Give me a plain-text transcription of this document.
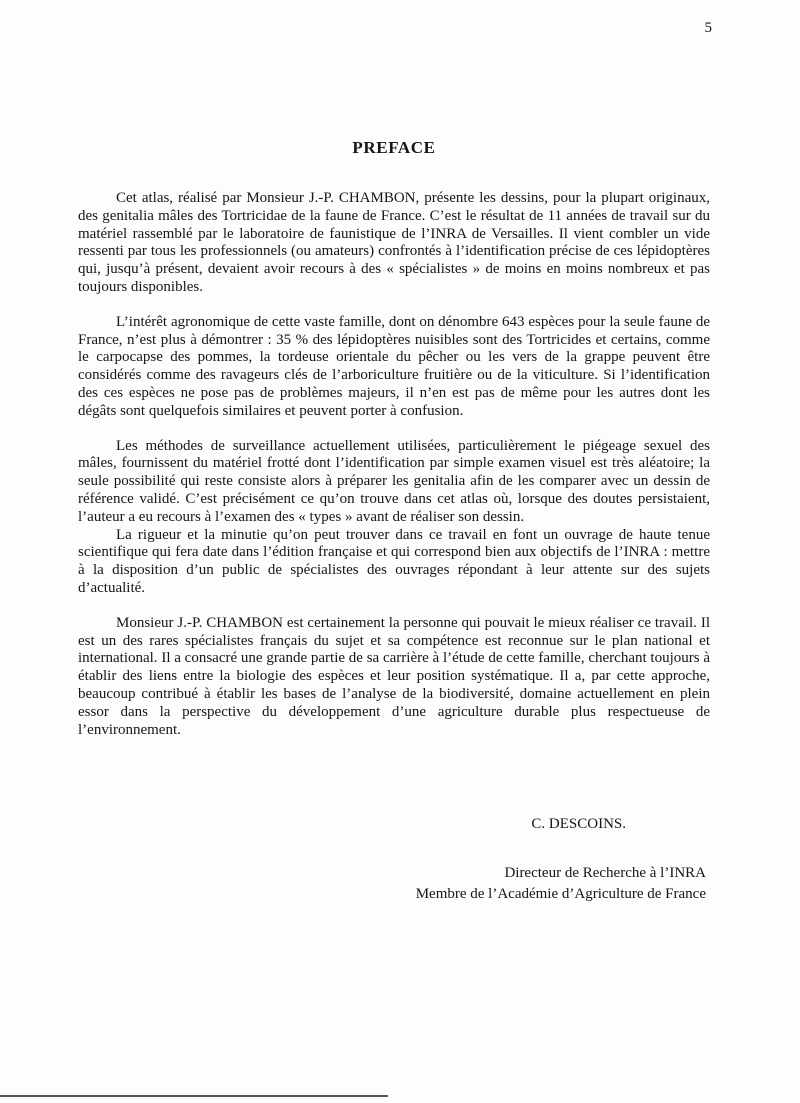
5
PREFACE

Cet atlas, réalisé par Monsieur J.-P. CHAMBON, présente les dessins, pour la plupart originaux, des genitalia mâles des Tortricidae de la faune de France. C’est le résultat de 11 années de travail sur du matériel rassemblé par le laboratoire de faunistique de l’INRA de Versailles. Il vient combler un vide ressenti par tous les professionnels (ou amateurs) confrontés à l’identification précise de ces lépidoptères qui, jusqu’à présent, devaient avoir recours à des « spécialistes » de moins en moins nombreux et pas toujours disponibles.

L’intérêt agronomique de cette vaste famille, dont on dénombre 643 espèces pour la seule faune de France, n’est plus à démontrer : 35 % des lépidoptères nuisibles sont des Tortricides et certains, comme le carpocapse des pommes, la tordeuse orientale du pêcher ou les vers de la grappe peuvent être considérés comme des ravageurs clés de l’arboriculture fruitière ou de la viticulture. Si l’identification des ces espèces ne pose pas de problèmes majeurs, il n’en est pas de même pour les autres dont les dégâts sont quelquefois similaires et peuvent porter à confusion.

Les méthodes de surveillance actuellement utilisées, particulièrement le piégeage sexuel des mâles, fournissent du matériel frotté dont l’identification par simple examen visuel est très aléatoire; la seule possibilité qui reste consiste alors à préparer les genitalia afin de les comparer avec un dessin de référence validé. C’est précisément ce qu’on trouve dans cet atlas où, lorsque des doutes persistaient, l’auteur a eu recours à l’examen des « types » avant de réaliser son dessin.

La rigueur et la minutie qu’on peut trouver dans ce travail en font un ouvrage de haute tenue scientifique qui fera date dans l’édition française et qui correspond bien aux objectifs de l’INRA : mettre à la disposition d’un public de spécialistes des ouvrages répondant à leur attente sur des sujets d’actualité.

Monsieur J.-P. CHAMBON est certainement la personne qui pouvait le mieux réaliser ce travail. Il est un des rares spécialistes français du sujet et sa compétence est reconnue sur le plan national et international. Il a consacré une grande partie de sa carrière à l’étude de cette famille, cherchant toujours à établir des liens entre la biologie des espèces et leur position systématique. Il a, par cette approche, beaucoup contribué à établir les bases de l’analyse de la biodiversité, domaine actuellement en plein essor dans la perspective du développement d’une agriculture durable plus respectueuse de l’environnement.

C. DESCOINS.
Directeur de Recherche à l’INRA
Membre de l’Académie d’Agriculture de France
